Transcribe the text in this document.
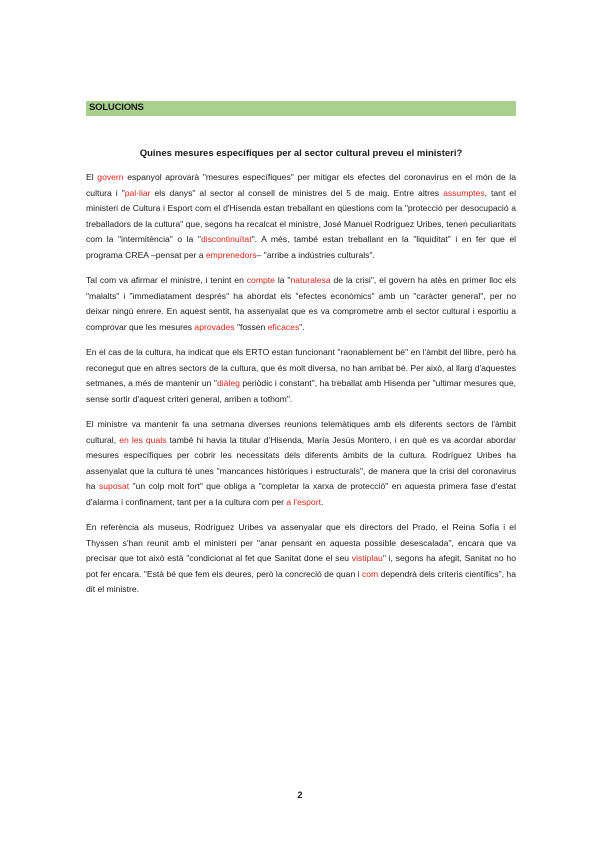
SOLUCIONS
Quines mesures específiques per al sector cultural preveu el ministeri?

El govern espanyol aprovarà "mesures específiques" per mitigar els efectes del coronavirus en el món de la cultura i "pal·liar els danys" al sector al consell de ministres del 5 de maig. Entre altres assumptes, tant el ministeri de Cultura i Esport com el d'Hisenda estan treballant en qüestions com la "protecció per desocupació a treballadors de la cultura" que, segons ha recalcat el ministre, José Manuel Rodríguez Uribes, tenen peculiaritats com la "intermitència" o la "discontinuïtat". A més, també estan treballant en la "liquiditat" i en fer que el programa CREA –pensat per a emprenedors– "arribe a indústries culturals".

Tal com va afirmar el ministre, i tenint en compte la "naturalesa de la crisi", el govern ha atès en primer lloc els "malalts" i "immediatament després" ha abordat els "efectes econòmics" amb un "caràcter general", per no deixar ningú enrere. En aquest sentit, ha assenyalat que es va comprometre amb el sector cultural i esportiu a comprovar que les mesures aprovades "fossen eficaces".

En el cas de la cultura, ha indicat que els ERTO estan funcionant "raonablement bé" en l'àmbit del llibre, però ha reconegut que en altres sectors de la cultura, que és molt diversa, no han arribat bé. Per això, al llarg d'aquestes setmanes, a més de mantenir un "diàleg periòdic i constant", ha treballat amb Hisenda per "ultimar mesures que, sense sortir d'aquest criteri general, arriben a tothom".

El ministre va mantenir fa una setmana diverses reunions telemàtiques amb els diferents sectors de l'àmbit cultural, en les quals també hi havia la titular d'Hisenda, María Jesús Montero, i en què es va acordar abordar mesures específiques per cobrir les necessitats dels diferents àmbits de la cultura. Rodríguez Uribes ha assenyalat que la cultura té unes "mancances històriques i estructurals", de manera que la crisi del coronavirus ha suposat "un colp molt fort" que obliga a "completar la xarxa de protecció" en aquesta primera fase d'estat d'alarma i confinament, tant per a la cultura com per a l'esport.

En referència als museus, Rodríguez Uribes va assenyalar que els directors del Prado, el Reina Sofía i el Thyssen s'han reunit amb el ministeri per "anar pensant en aquesta possible desescalada", encara que va precisar que tot això està "condicionat al fet que Sanitat done el seu vistiplau" i, segons ha afegit, Sanitat no ho pot fer encara. "Està bé que fem els deures, però la concreció de quan i com dependrà dels criteris científics", ha dit el ministre.

2
